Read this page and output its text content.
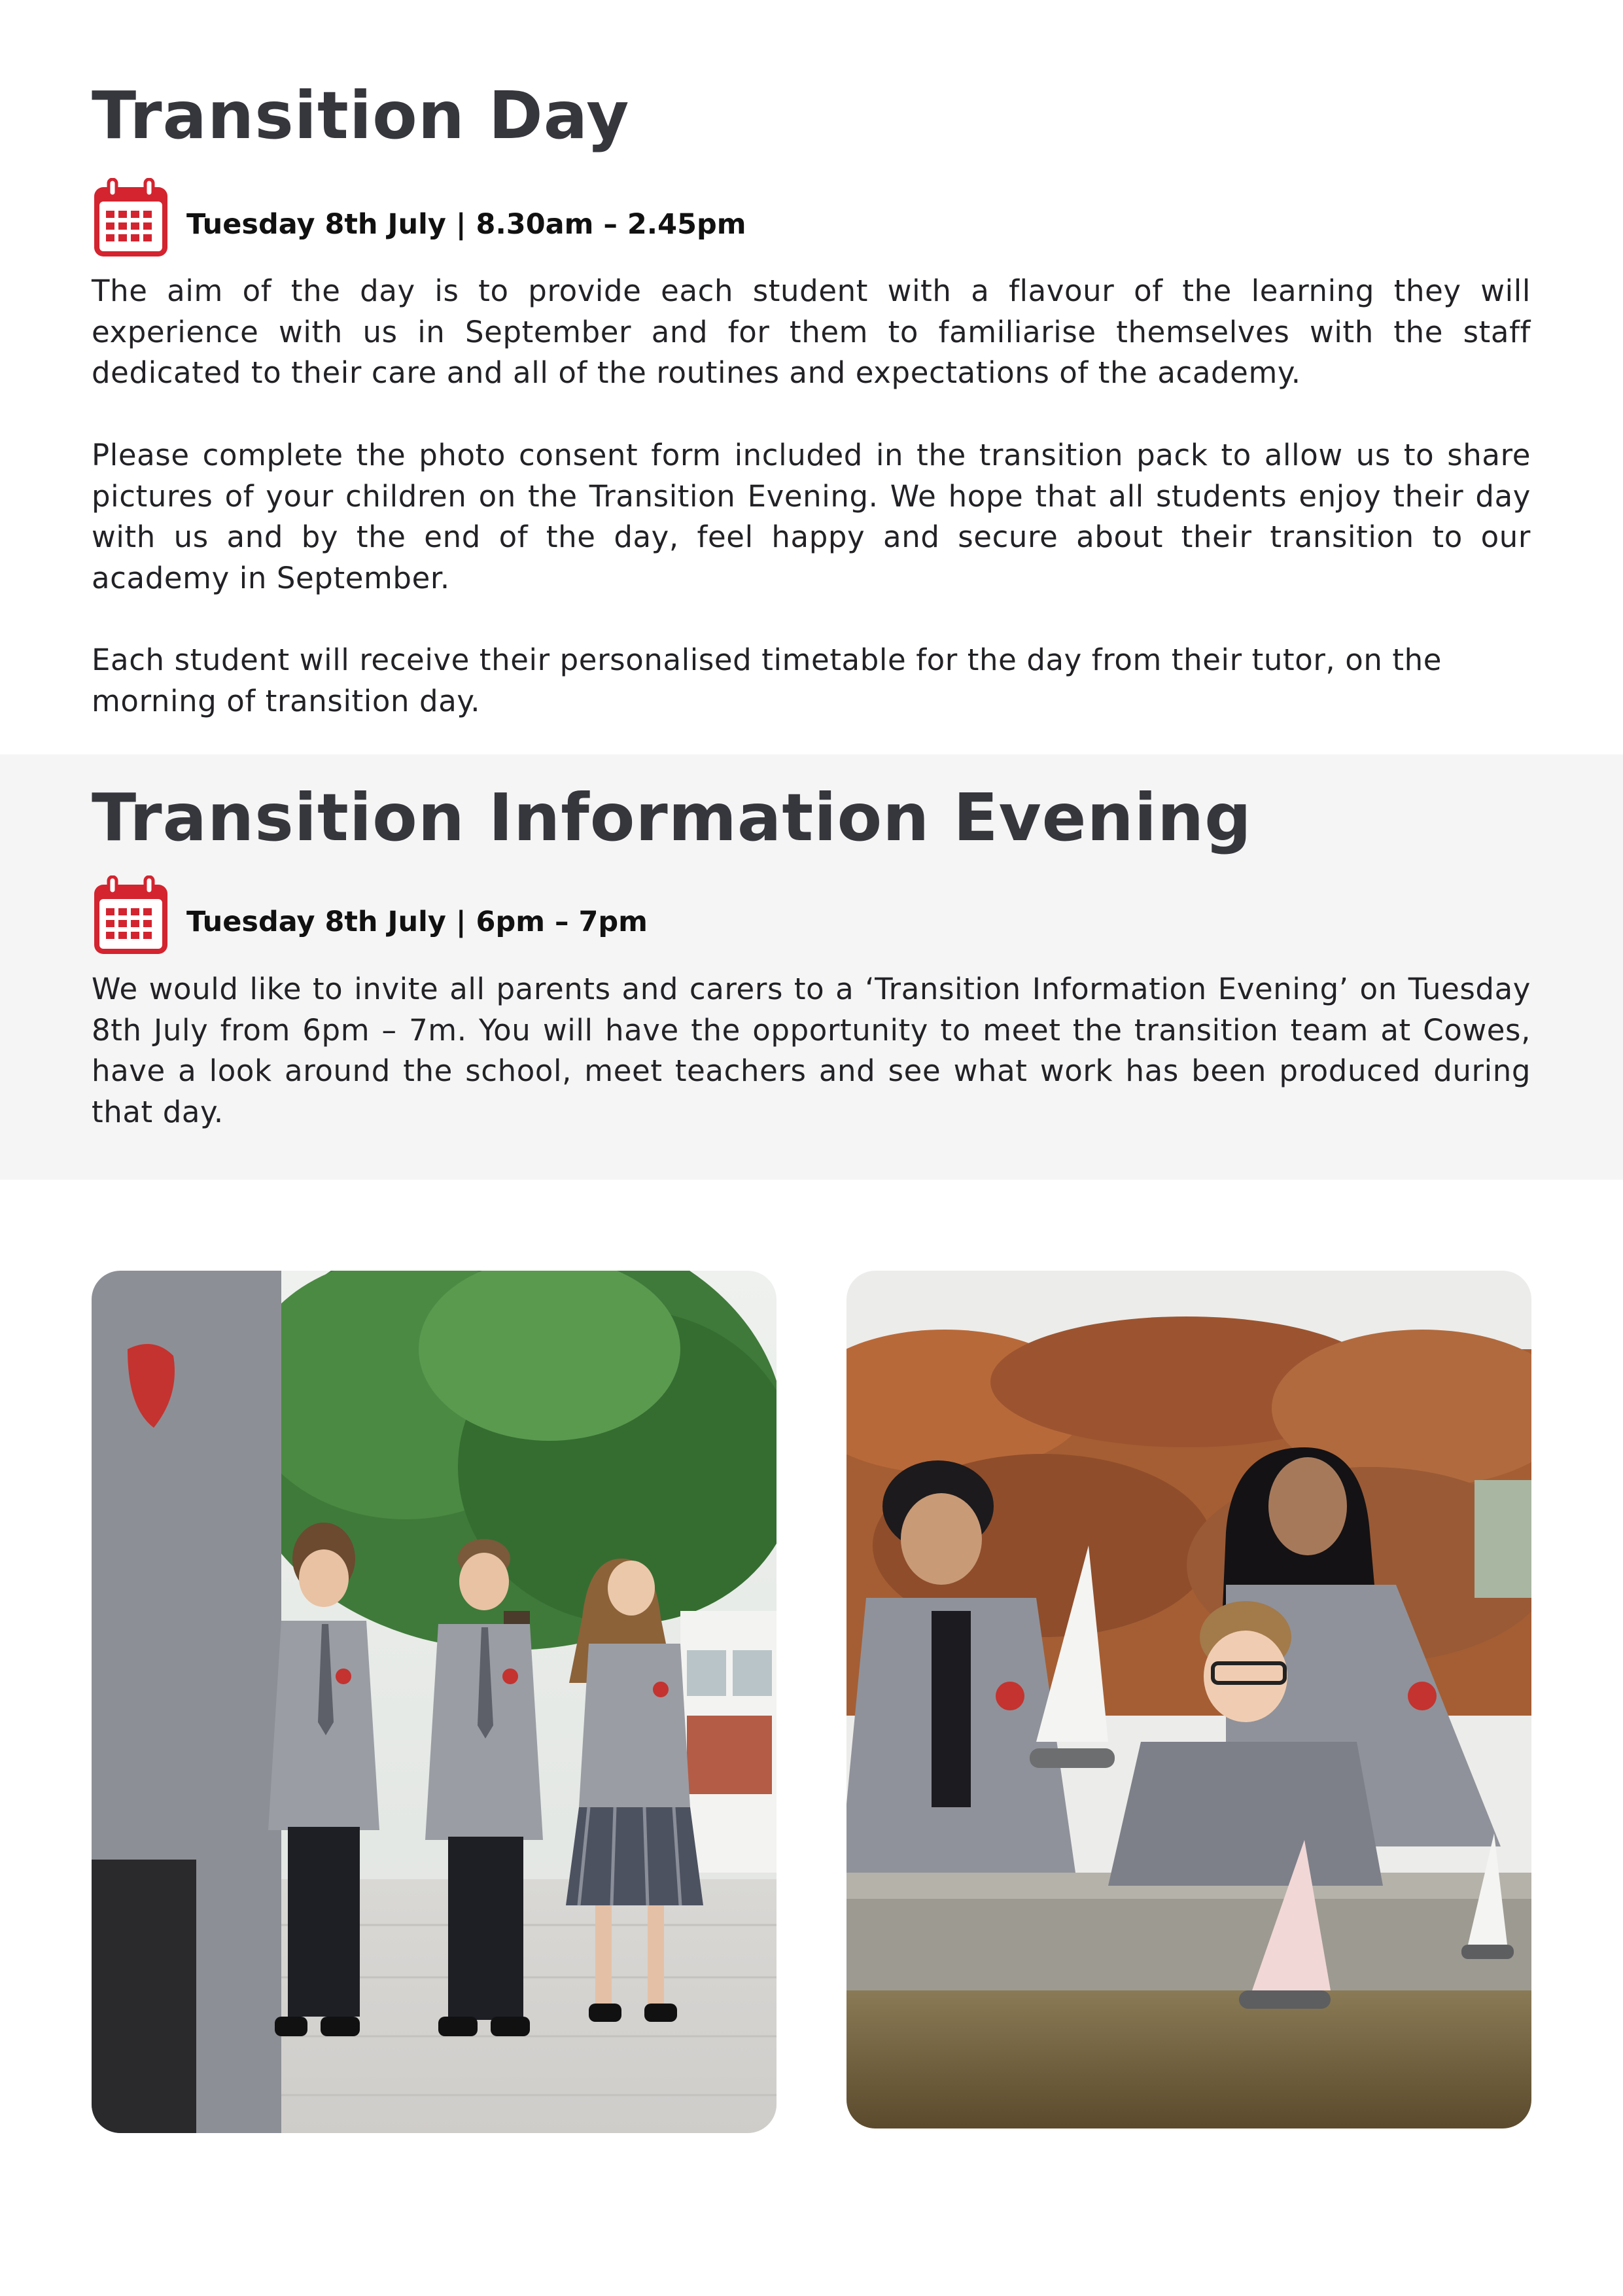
Transition Day
Tuesday 8th July | 8.30am – 2.45pm

The aim of the day is to provide each student with a flavour of the learning they will experience with us in September and for them to familiarise themselves with the staff dedicated to their care and all of the routines and expectations of the academy.

Please complete the photo consent form included in the transition pack to allow us to share pictures of your children on the Transition Evening. We hope that all students enjoy their day with us and by the end of the day, feel happy and secure about their transition to our academy in September.

Each student will receive their personalised timetable for the day from their tutor, on the morning of transition day.

Transition Information Evening
Tuesday 8th July | 6pm – 7pm

We would like to invite all parents and carers to a ‘Transition Information Evening’ on Tuesday 8th July from 6pm – 7m. You will have the opportunity to meet the transition team at Cowes, have a look around the school, meet teachers and see what work has been produced during that day.
